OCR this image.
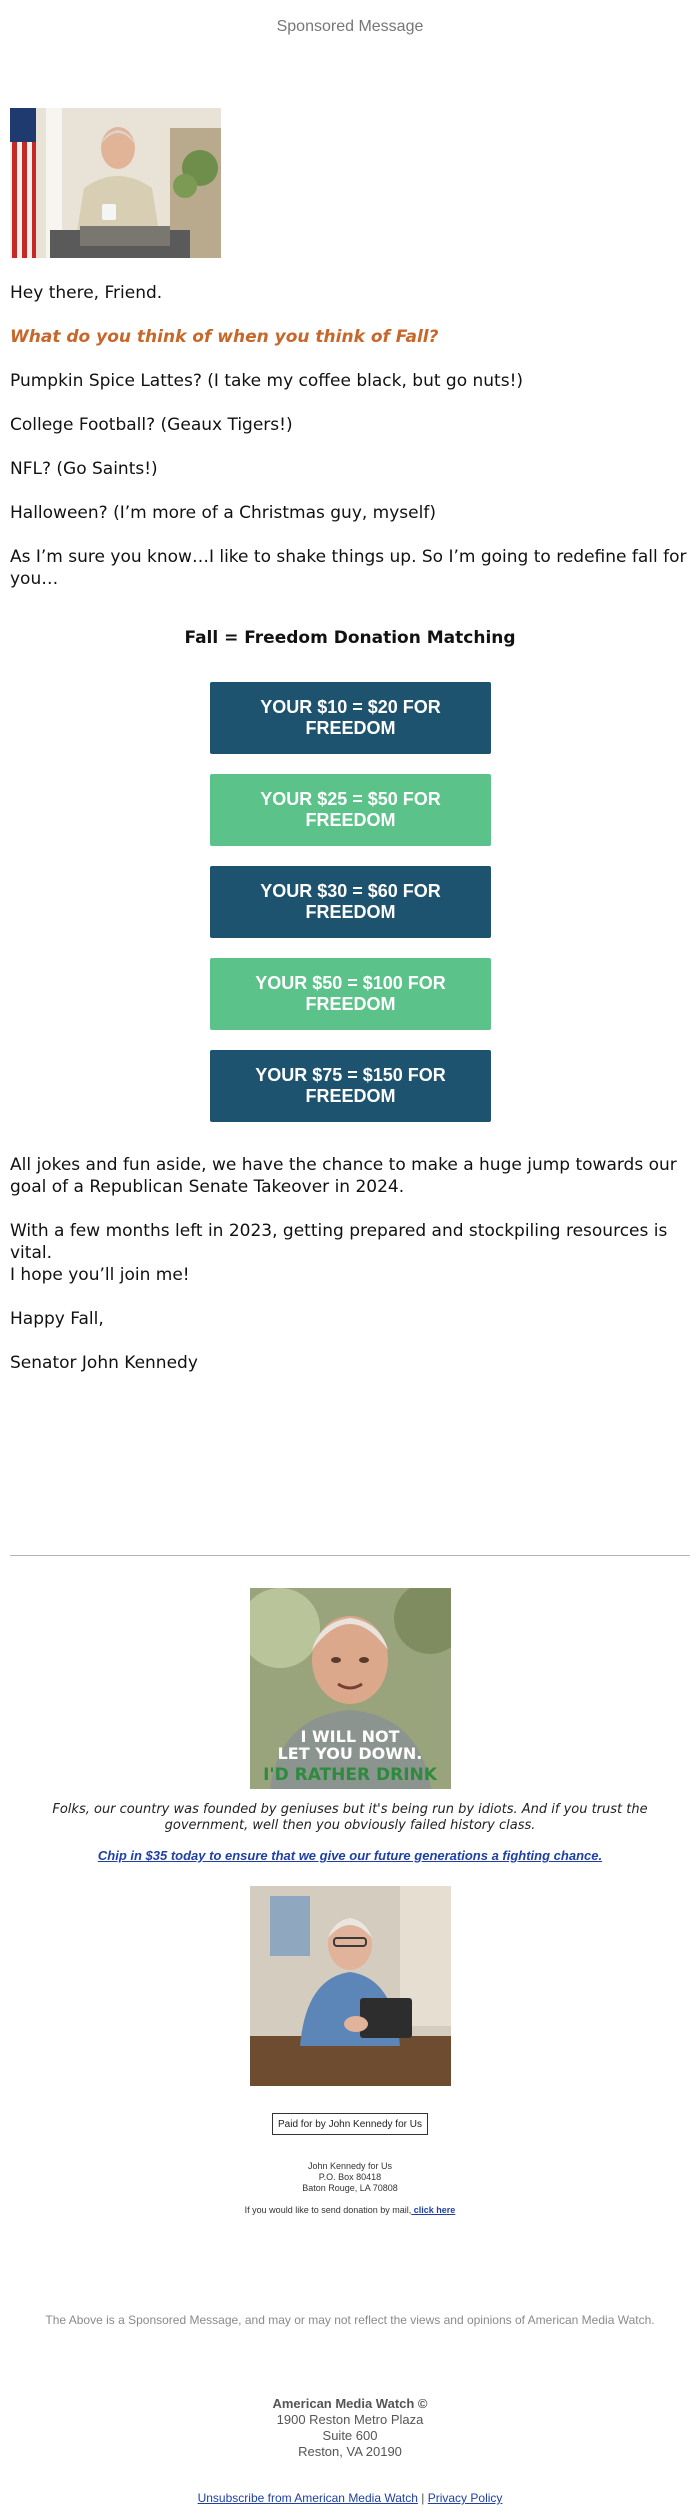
Sponsored Message
Hey there, Friend.
What do you think of when you think of Fall?
Pumpkin Spice Lattes? (I take my coffee black, but go nuts!)
College Football? (Geaux Tigers!)
NFL? (Go Saints!)
Halloween? (I’m more of a Christmas guy, myself)
As I’m sure you know…I like to shake things up. So I’m going to redefine fall for you…
Fall = Freedom Donation Matching
YOUR $10 = $20 FOR FREEDOM
YOUR $25 = $50 FOR FREEDOM
YOUR $30 = $60 FOR FREEDOM
YOUR $50 = $100 FOR FREEDOM
YOUR $75 = $150 FOR FREEDOM
All jokes and fun aside, we have the chance to make a huge jump towards our goal of a Republican Senate Takeover in 2024.
With a few months left in 2023, getting prepared and stockpiling resources is vital.
I hope you’ll join me!
Happy Fall,
Senator John Kennedy
I WILL NOT
LET YOU DOWN.
I'D RATHER DRINK
Folks, our country was founded by geniuses but it's being run by idiots. And if you trust the government, well then you obviously failed history class.
Chip in $35 today to ensure that we give our future generations a fighting chance.
Paid for by John Kennedy for Us
John Kennedy for Us
P.O. Box 80418
Baton Rouge, LA 70808
If you would like to send donation by mail, click here
The Above is a Sponsored Message, and may or may not reflect the views and opinions of American Media Watch.
American Media Watch ©
1900 Reston Metro Plaza
Suite 600
Reston, VA 20190
Unsubscribe from American Media Watch | Privacy Policy
